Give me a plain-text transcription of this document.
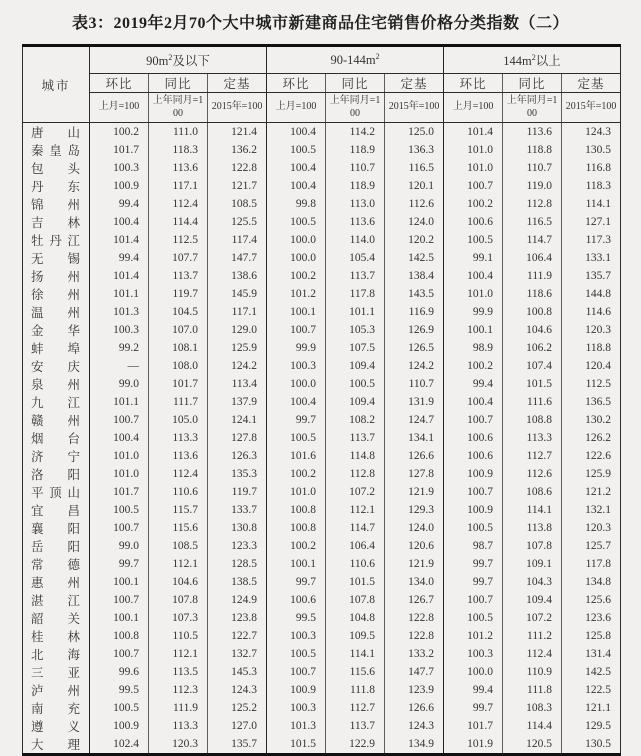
表3：2019年2月70个大中城市新建商品住宅销售价格分类指数（二）
城市	$90m^2$及以下			$90-144m^2$			$144m^2$以上		
	环比	同比	定基	环比	同比	定基	环比	同比	定基
	上月=100	上年同月=100	2015年=100	上月=100	上年同月=100	2015年=100	上月=100	上年同月=100	2015年=100

唐 山	100.2	111.0	121.4	100.4	114.2	125.0	101.4	113.6	124.3

秦 皇 岛	101.7	118.3	136.2	100.5	118.9	136.3	101.0	118.8	130.5

包 头	100.3	113.6	122.8	100.4	110.7	116.5	101.0	110.7	116.8

丹 东	100.9	117.1	121.7	100.4	118.9	120.1	100.7	119.0	118.3

锦 州	99.4	112.4	108.5	99.8	113.0	112.6	100.2	112.8	114.1

吉 林	100.4	114.4	125.5	100.5	113.6	124.0	100.6	116.5	127.1

牡 丹 江	101.4	112.5	117.4	100.0	114.0	120.2	100.5	114.7	117.3

无 锡	99.4	107.7	147.7	100.0	105.4	142.5	99.1	106.4	133.1

扬 州	101.4	113.7	138.6	100.2	113.7	138.4	100.4	111.9	135.7

徐 州	101.1	119.7	145.9	101.2	117.8	143.5	101.0	118.6	144.8

温 州	101.3	104.5	117.1	100.1	101.1	116.9	99.9	100.8	114.6

金 华	100.3	107.0	129.0	100.7	105.3	126.9	100.1	104.6	120.3

蚌 埠	99.2	108.1	125.9	99.9	107.5	126.5	98.9	106.2	118.8

安 庆	—	108.0	124.2	100.3	109.4	124.2	100.2	107.4	120.4

泉 州	99.0	101.7	113.4	100.0	100.5	110.7	99.4	101.5	112.5

九 江	101.1	111.7	137.9	100.4	109.4	131.9	100.4	111.6	136.5

赣 州	100.7	105.0	124.1	99.7	108.2	124.7	100.7	108.8	130.2

烟 台	100.4	113.3	127.8	100.5	113.7	134.1	100.6	113.3	126.2

济 宁	101.0	113.6	126.3	101.6	114.8	126.6	100.6	112.7	122.6

洛 阳	101.0	112.4	135.3	100.2	112.8	127.8	100.9	112.6	125.9

平 顶 山	101.7	110.6	119.7	101.0	107.2	121.9	100.7	108.6	121.2

宜 昌	100.5	115.7	133.7	100.8	112.1	129.3	100.9	114.1	132.1

襄 阳	100.7	115.6	130.8	100.8	114.7	124.0	100.5	113.8	120.3

岳 阳	99.0	108.5	123.3	100.2	106.4	120.6	98.7	107.8	125.7

常 德	99.7	112.1	128.5	100.1	110.6	121.9	99.7	109.1	117.8

惠 州	100.1	104.6	138.5	99.7	101.5	134.0	99.7	104.3	134.8

湛 江	100.7	107.8	124.9	100.6	107.8	126.7	100.7	109.4	125.6

韶 关	100.1	107.3	123.8	99.5	104.8	122.8	100.5	107.2	123.6

桂 林	100.8	110.5	122.7	100.3	109.5	122.8	101.2	111.2	125.8

北 海	100.7	112.1	132.7	100.5	114.1	133.2	100.3	112.4	131.4

三 亚	99.6	113.5	145.3	100.7	115.6	147.7	100.0	110.9	142.5

泸 州	99.5	112.3	124.3	100.9	111.8	123.9	99.4	111.8	122.5

南 充	100.5	111.9	125.2	100.3	112.7	126.6	99.7	108.3	121.1

遵 义	100.9	113.3	127.0	101.3	113.7	124.3	101.7	114.4	129.5

大 理	102.4	120.3	135.7	101.5	122.9	134.9	101.9	120.5	130.5
